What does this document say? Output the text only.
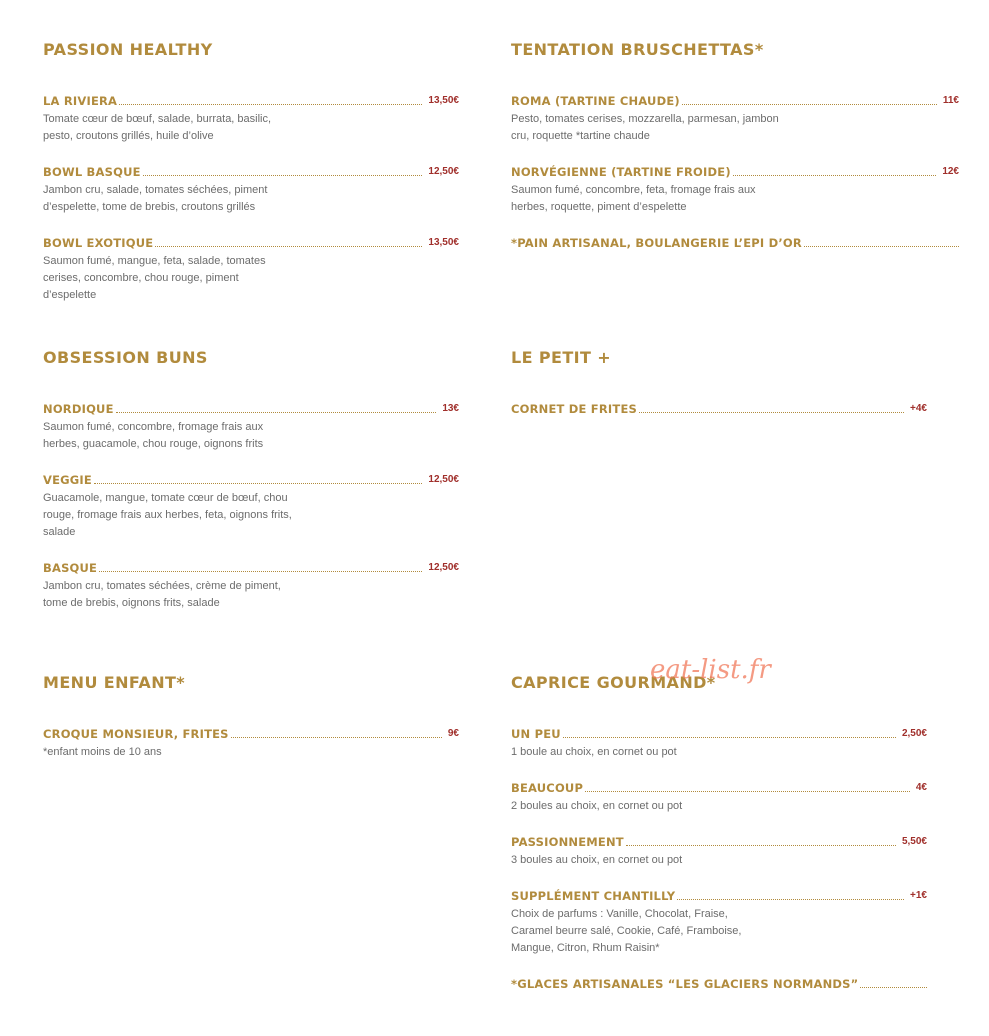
PASSION HEALTHY
LA RIVIERA	13,50€
Tomate cœur de bœuf, salade, burrata, basilic, pesto, croutons grillés, huile d’olive
BOWL BASQUE	12,50€
Jambon cru, salade, tomates séchées, piment d’espelette, tome de brebis, croutons grillés
BOWL EXOTIQUE	13,50€
Saumon fumé, mangue, feta, salade, tomates cerises, concombre, chou rouge, piment d’espelette
TENTATION BRUSCHETTAS*
ROMA (TARTINE CHAUDE)	11€
Pesto, tomates cerises, mozzarella, parmesan, jambon cru, roquette *tartine chaude
NORVÉGIENNE (TARTINE FROIDE)	12€
Saumon fumé, concombre, feta, fromage frais aux herbes, roquette, piment d’espelette
*PAIN ARTISANAL, BOULANGERIE L’EPI D’OR
OBSESSION BUNS
NORDIQUE	13€
Saumon fumé, concombre, fromage frais aux herbes, guacamole, chou rouge, oignons frits
VEGGIE	12,50€
Guacamole, mangue, tomate cœur de bœuf, chou rouge, fromage frais aux herbes, feta, oignons frits, salade
BASQUE	12,50€
Jambon cru, tomates séchées, crème de piment, tome de brebis, oignons frits, salade
LE PETIT +
CORNET DE FRITES	+4€
MENU ENFANT*
CROQUE MONSIEUR, FRITES	9€
*enfant moins de 10 ans
CAPRICE GOURMAND*
UN PEU	2,50€
1 boule au choix, en cornet ou pot
BEAUCOUP	4€
2 boules au choix, en cornet ou pot
PASSIONNEMENT	5,50€
3 boules au choix, en cornet ou pot
SUPPLÉMENT CHANTILLY	+1€
Choix de parfums : Vanille, Chocolat, Fraise, Caramel beurre salé, Cookie, Café, Framboise, Mangue, Citron, Rhum Raisin*
*GLACES ARTISANALES “LES GLACIERS NORMANDS”
eat-list.fr
